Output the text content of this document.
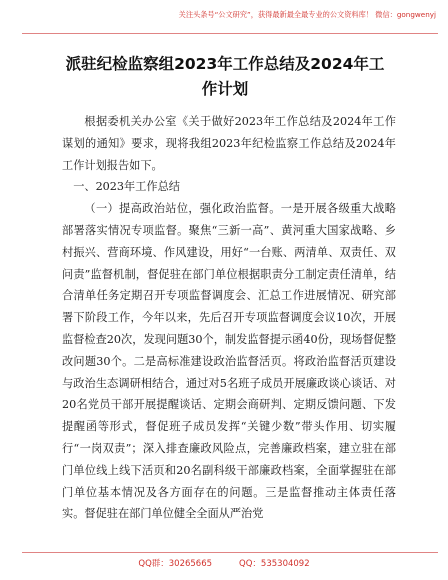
关注头条号“公文研究”，获得最新最全最专业的公文资料库！ 微信：gongwenyj
派驻纪检监察组2023年工作总结及2024年工
作计划

根据委机关办公室《关于做好2023年工作总结及2024年工作谋划的通知》要求，现将我组2023年纪检监察工作总结及2024年工作计划报告如下。

一、2023年工作总结

（一）提高政治站位，强化政治监督。一是开展各级重大战略部署落实情况专项监督。聚焦“三新一高”、黄河重大国家战略、乡村振兴、营商环境、作风建设，用好“一台账、两清单、双责任、双问责”监督机制，督促驻在部门单位根据职责分工制定责任清单，结合清单任务定期召开专项监督调度会、汇总工作进展情况、研究部署下阶段工作，今年以来，先后召开专项监督调度会议10次，开展监督检查20次，发现问题30个，制发监督提示函40份，现场督促整改问题30个。二是高标准建设政治监督活页。将政治监督活页建设与政治生态调研相结合，通过对5名班子成员开展廉政谈心谈话、对20名党员干部开展提醒谈话、定期会商研判、定期反馈问题、下发提醒函等形式，督促班子成员发挥“关键少数”带头作用、切实履行“一岗双责”；深入排查廉政风险点，完善廉政档案，建立驻在部门单位线上线下活页和20名副科级干部廉政档案，全面掌握驻在部门单位基本情况及各方面存在的问题。三是监督推动主体责任落实。督促驻在部门单位健全全面从严治党

QQ群：30265665          QQ：535304092
